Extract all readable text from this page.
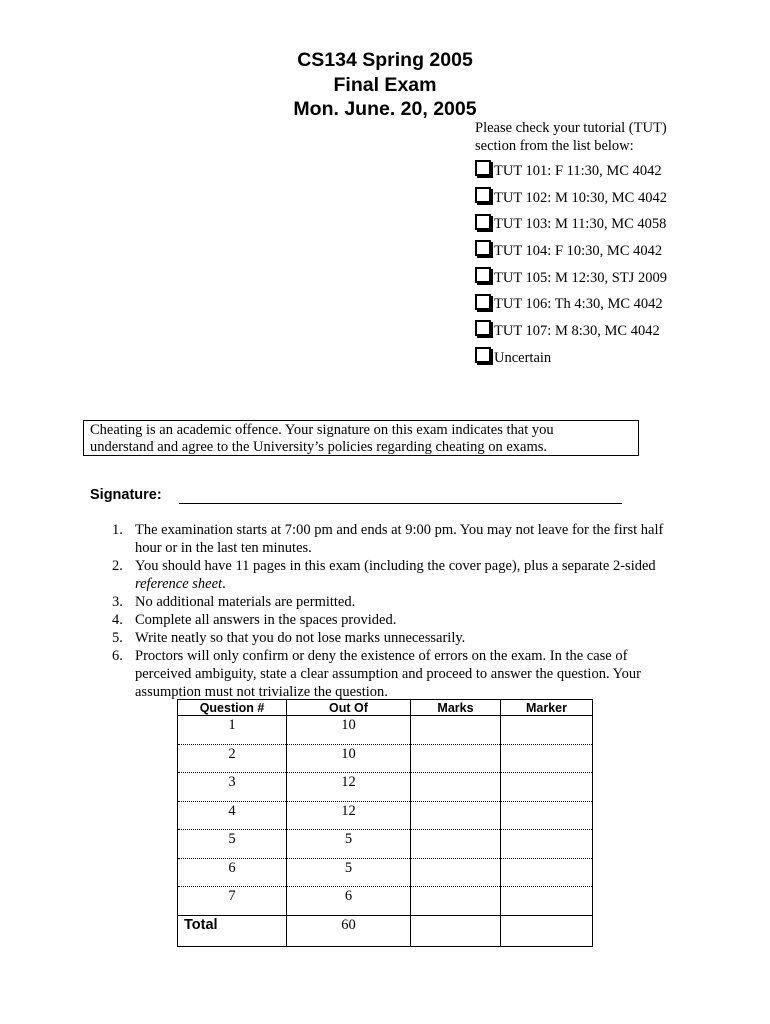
CS134 Spring 2005
Final Exam
Mon. June. 20, 2005
Please check your tutorial (TUT)
section from the list below:
TUT 101: F 11:30, MC 4042
TUT 102: M 10:30, MC 4042
TUT 103: M 11:30, MC 4058
TUT 104: F 10:30, MC 4042
TUT 105: M 12:30, STJ 2009
TUT 106: Th 4:30, MC 4042
TUT 107: M 8:30, MC 4042
Uncertain
Cheating is an academic offence. Your signature on this exam indicates that you
understand and agree to the University’s policies regarding cheating on exams.
Signature:
1. The examination starts at 7:00 pm and ends at 9:00 pm. You may not leave for the first half hour or in the last ten minutes.
2. You should have 11 pages in this exam (including the cover page), plus a separate 2-sided reference sheet.
3. No additional materials are permitted.
4. Complete all answers in the spaces provided.
5. Write neatly so that you do not lose marks unnecessarily.
6. Proctors will only confirm or deny the existence of errors on the exam. In the case of perceived ambiguity, state a clear assumption and proceed to answer the question. Your assumption must not trivialize the question.
Question #	Out Of	Marks	Marker
1	10		
2	10		
3	12		
4	12		
5	5		
6	5		
7	6		
Total	60		
